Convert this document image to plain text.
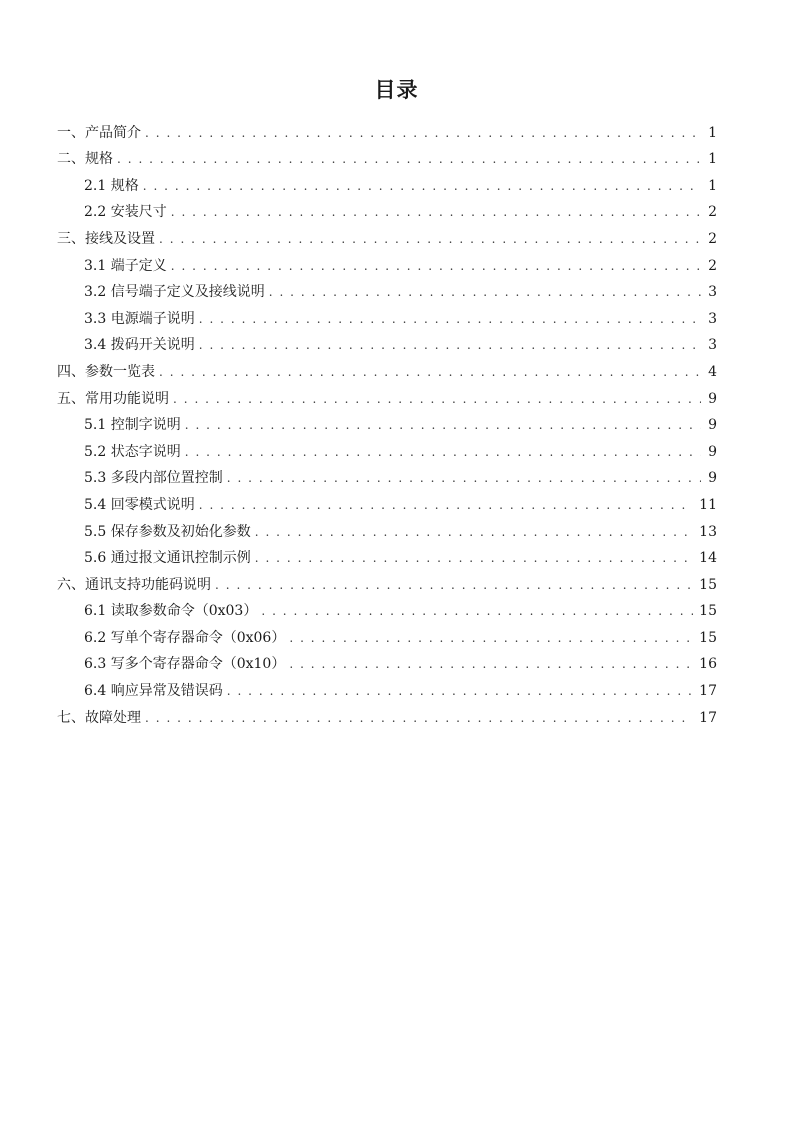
目录
一、产品简介 . . .	1
二、规格 . . .	1
2.1 规格 . . .	1
2.2 安装尺寸 . . .	2
三、接线及设置 . . .	2
3.1 端子定义 . . .	2
3.2 信号端子定义及接线说明 . . .	3
3.3 电源端子说明 . . .	3
3.4 拨码开关说明 . . .	3
四、参数一览表 . . .	4
五、常用功能说明 . . .	9
5.1 控制字说明 . . .	9
5.2 状态字说明 . . .	9
5.3 多段内部位置控制 . . .	9
5.4 回零模式说明 . . .	11
5.5 保存参数及初始化参数 . . .	13
5.6 通过报文通讯控制示例 . . .	14
六、通讯支持功能码说明 . . .	15
6.1 读取参数命令（0x03） . . .	15
6.2 写单个寄存器命令（0x06） . . .	15
6.3 写多个寄存器命令（0x10） . . .	16
6.4 响应异常及错误码 . . .	17
七、故障处理 . . .	17
